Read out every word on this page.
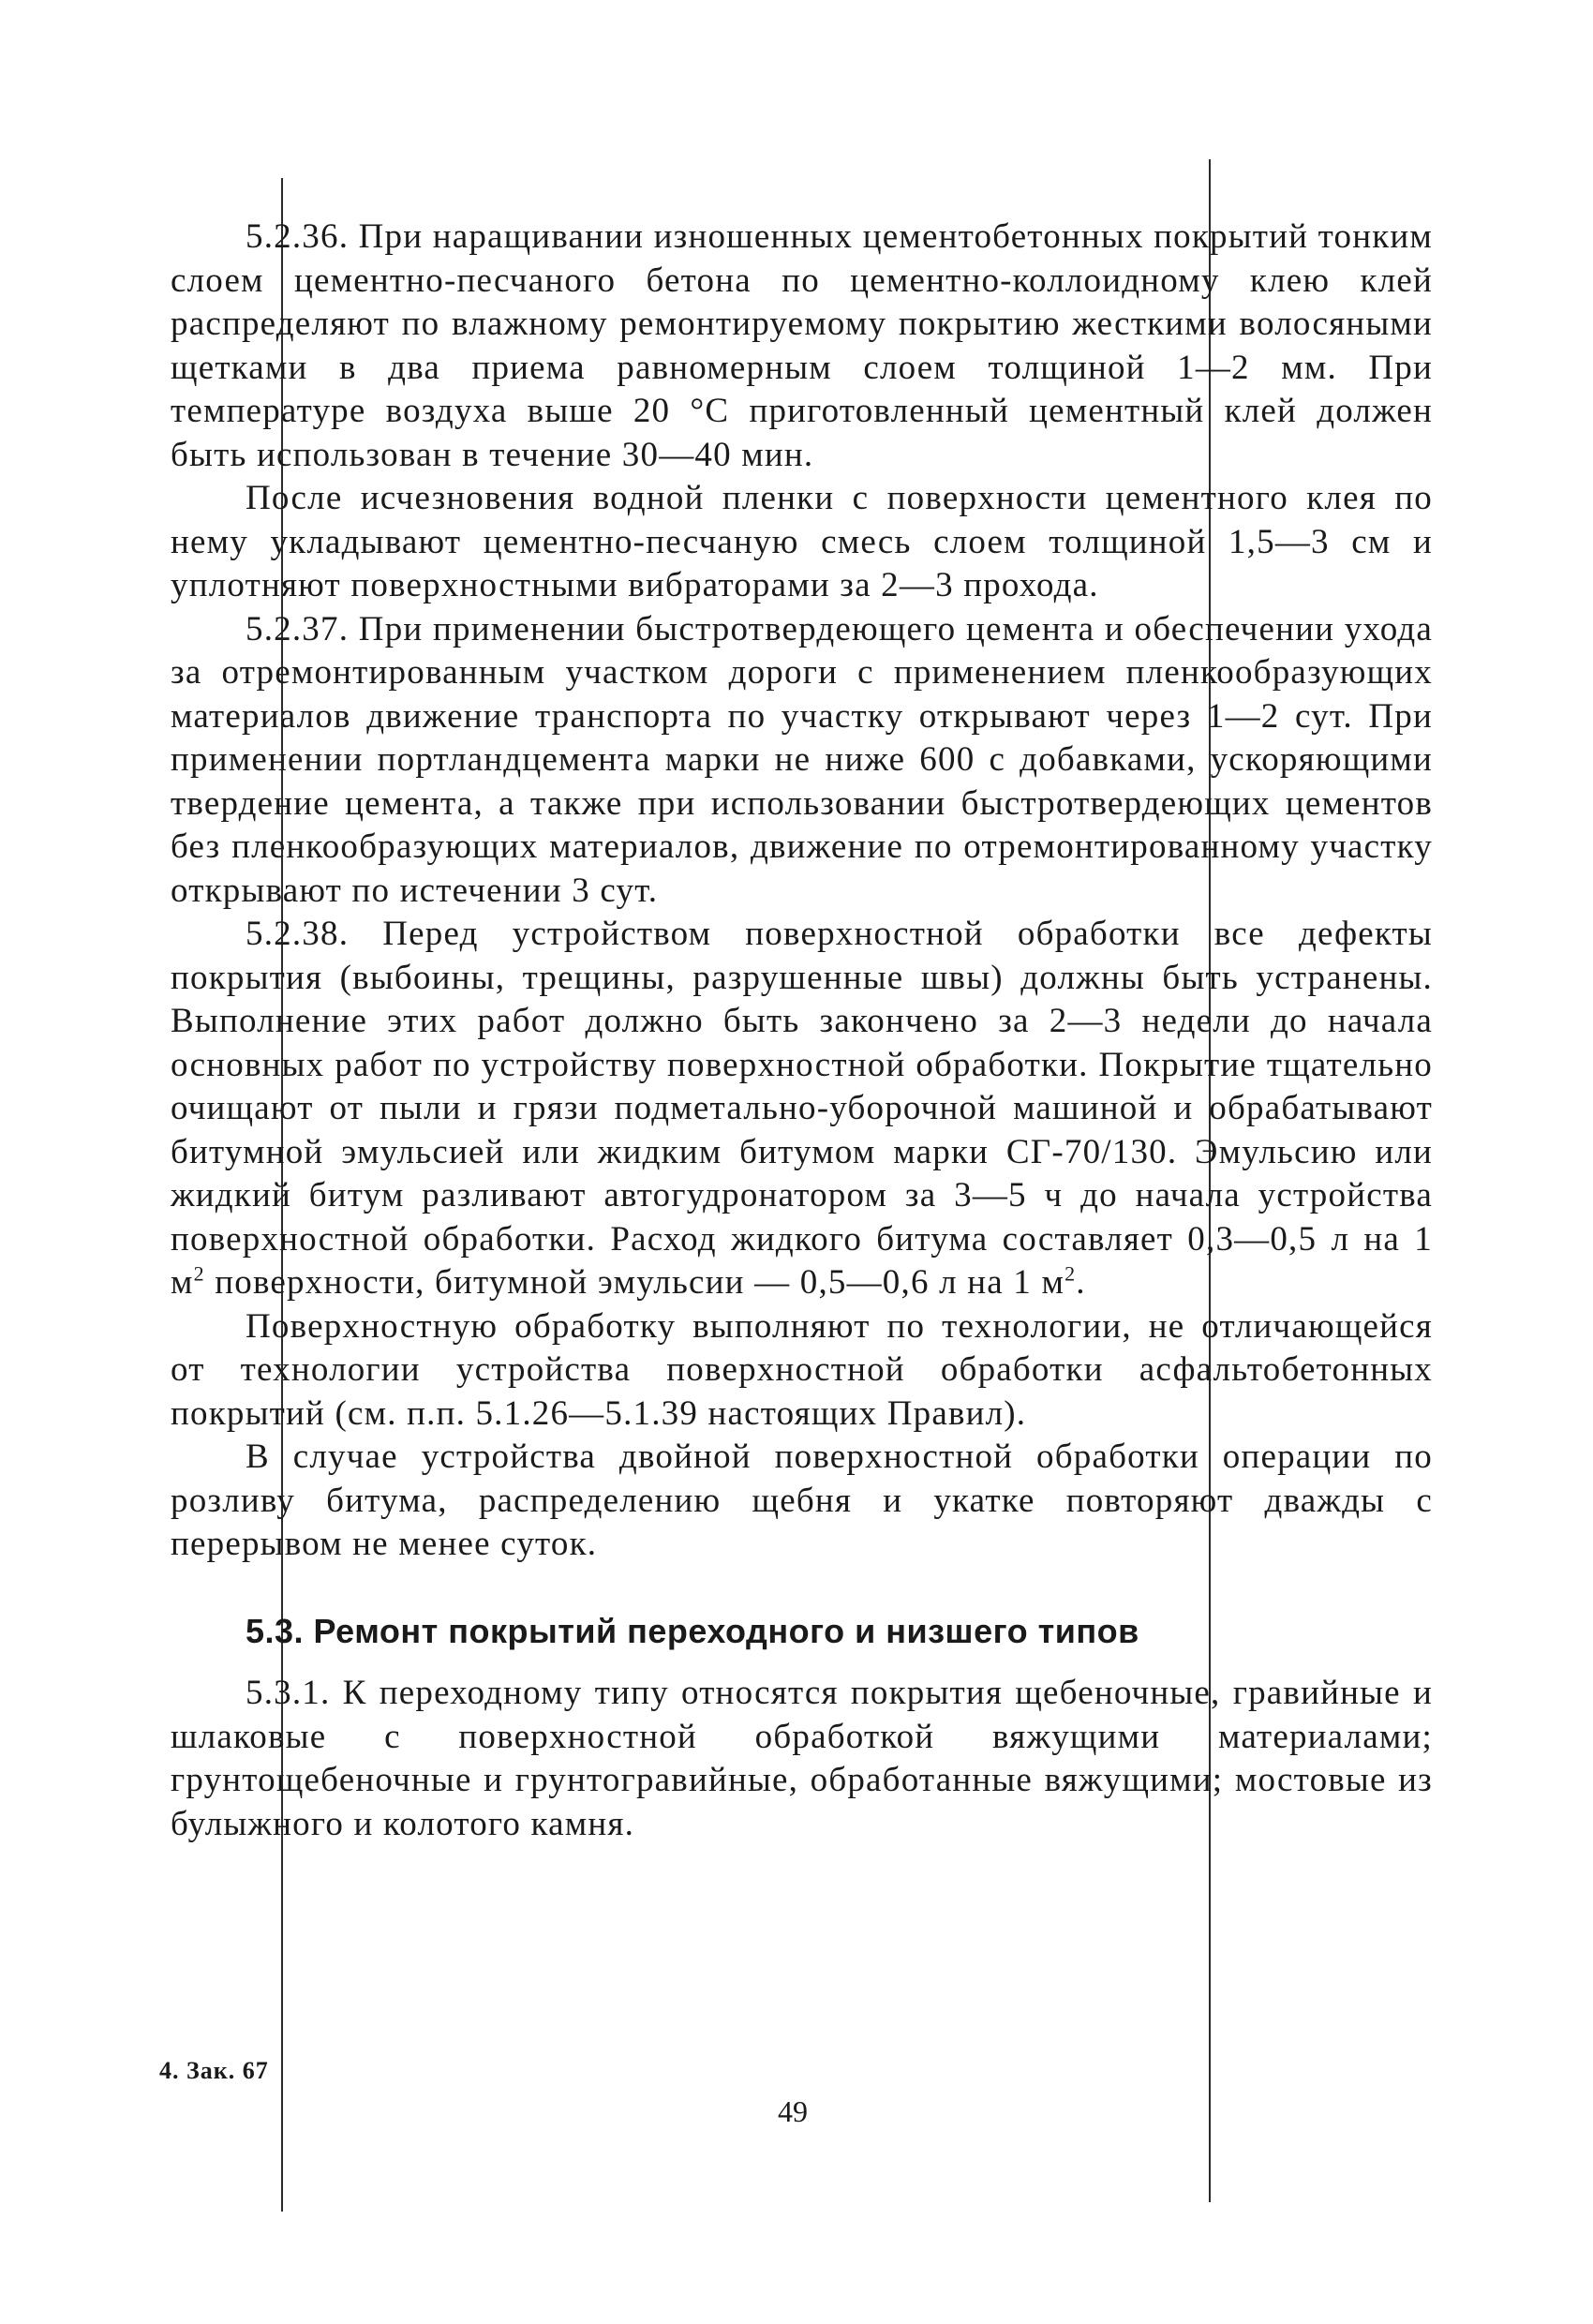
5.2.36. При наращивании изношенных цементобетонных покрытий тонким слоем цементно-песчаного бетона по цементно-коллоидному клею клей распределяют по влажному ремонтируемому покрытию жесткими волосяными щетками в два приема равномерным слоем толщиной 1—2 мм. При температуре воздуха выше 20 °С приготовленный цементный клей должен быть использован в течение 30—40 мин.

После исчезновения водной пленки с поверхности цементного клея по нему укладывают цементно-песчаную смесь слоем толщиной 1,5—3 см и уплотняют поверхностными вибраторами за 2—3 прохода.

5.2.37. При применении быстротвердеющего цемента и обеспечении ухода за отремонтированным участком дороги с применением пленкообразующих материалов движение транспорта по участку открывают через 1—2 сут. При применении портландцемента марки не ниже 600 с добавками, ускоряющими твердение цемента, а также при использовании быстротвердеющих цементов без пленкообразующих материалов, движение по отремонтированному участку открывают по истечении 3 сут.

5.2.38. Перед устройством поверхностной обработки все дефекты покрытия (выбоины, трещины, разрушенные швы) должны быть устранены. Выполнение этих работ должно быть закончено за 2—3 недели до начала основных работ по устройству поверхностной обработки. Покрытие тщательно очищают от пыли и грязи подметально-уборочной машиной и обрабатывают битумной эмульсией или жидким битумом марки СГ-70/130. Эмульсию или жидкий битум разливают автогудронатором за 3—5 ч до начала устройства поверхностной обработки. Расход жидкого битума составляет 0,3—0,5 л на 1 $м^2$ поверхности, битумной эмульсии — 0,5—0,6 л на 1 $м^2$.

Поверхностную обработку выполняют по технологии, не отличающейся от технологии устройства поверхностной обработки асфальтобетонных покрытий (см. п.п. 5.1.26—5.1.39 настоящих Правил).

В случае устройства двойной поверхностной обработки операции по розливу битума, распределению щебня и укатке повторяют дважды с перерывом не менее суток.

5.3. Ремонт покрытий переходного и низшего типов

5.3.1. К переходному типу относятся покрытия щебеночные, гравийные и шлаковые с поверхностной обработкой вяжущими материалами; грунтощебеночные и грунтогравийные, обработанные вяжущими; мостовые из булыжного и колотого камня.

4. Зак. 67
49
